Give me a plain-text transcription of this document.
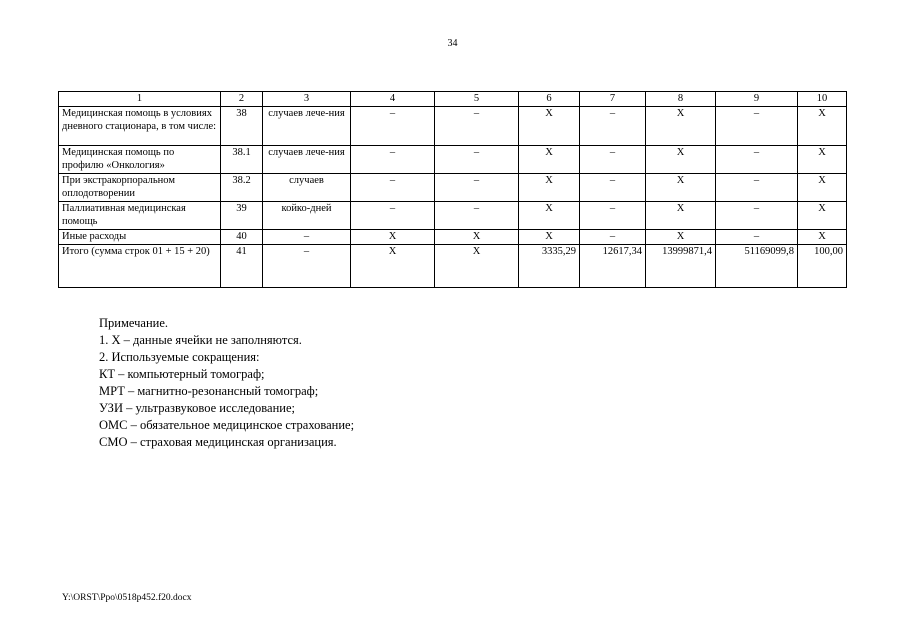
34
1	2	3	4	5	6	7	8	9	10
Медицинская помощь в условиях дневного стационара, в том числе:	38	случаев лече-ния	–	–	Х	–	Х	–	Х
Медицинская помощь по профилю «Онкология»	38.1	случаев лече-ния	–	–	Х	–	Х	–	Х
При экстракорпоральном оплодотворении	38.2	случаев	–	–	Х	–	Х	–	Х
Паллиативная медицинская помощь	39	койко-дней	–	–	Х	–	Х	–	Х
Иные расходы	40	–	Х	Х	Х	–	Х	–	Х
Итого (сумма строк 01 + 15 + 20)	41	–	Х	Х	3335,29	12617,34	13999871,4	51169099,8	100,00
Примечание.
1. Х – данные ячейки не заполняются.
2. Используемые сокращения:
КТ – компьютерный томограф;
МРТ – магнитно-резонансный томограф;
УЗИ – ультразвуковое исследование;
ОМС – обязательное медицинское страхование;
СМО – страховая медицинская организация.
Y:\ORST\Ppo\0518p452.f20.docx
